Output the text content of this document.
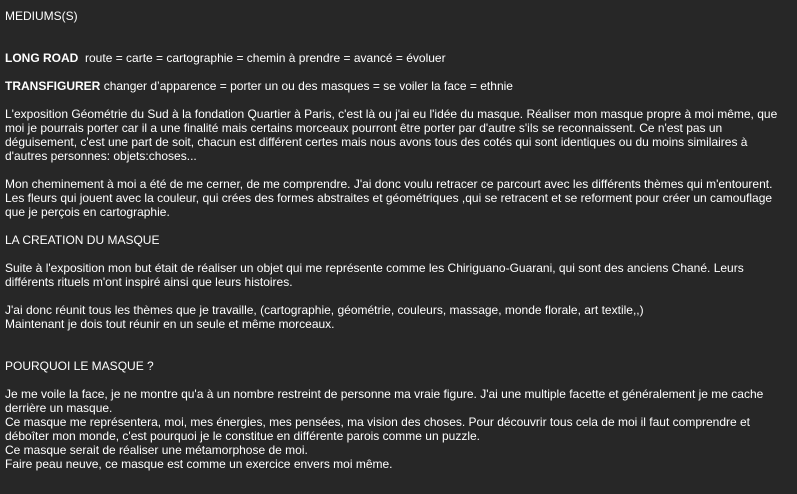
MEDIUMS(S)

LONG ROAD route = carte = cartographie = chemin à prendre = avancé = évoluer

TRANSFIGURER changer d’apparence = porter un ou des masques = se voiler la face = ethnie

L'exposition Géométrie du Sud à la fondation Quartier à Paris, c'est là ou j'ai eu l'idée du masque. Réaliser mon masque propre à moi même, que moi je pourrais porter car il a une finalité mais certains morceaux pourront être porter par d'autre s'ils se reconnaissent. Ce n'est pas un déguisement, c'est une part de soit, chacun est différent certes mais nous avons tous des cotés qui sont identiques ou du moins similaires à d'autres personnes: objets:choses...

Mon cheminement à moi a été de me cerner, de me comprendre. J'ai donc voulu retracer ce parcourt avec les différents thèmes qui m'entourent. Les fleurs qui jouent avec la couleur, qui crées des formes abstraites et géométriques ,qui se retracent et se reforment pour créer un camouflage que je perçois en cartographie.

LA CREATION DU MASQUE

Suite à l'exposition mon but était de réaliser un objet qui me représente comme les Chiriguano-Guarani, qui sont des anciens Chané. Leurs différents rituels m'ont inspiré ainsi que leurs histoires.

J'ai donc réunit tous les thèmes que je travaille, (cartographie, géométrie, couleurs, massage, monde florale, art textile,,)

Maintenant je dois tout réunir en un seule et même morceaux.

POURQUOI LE MASQUE ?

Je me voile la face, je ne montre qu'a à un nombre restreint de personne ma vraie figure. J'ai une multiple facette et généralement je me cache derrière un masque.

Ce masque me représentera, moi, mes énergies, mes pensées, ma vision des choses. Pour découvrir tous cela de moi il faut comprendre et déboîter mon monde, c'est pourquoi je le constitue en différente parois comme un puzzle.

Ce masque serait de réaliser une métamorphose de moi.

Faire peau neuve, ce masque est comme un exercice envers moi même.
